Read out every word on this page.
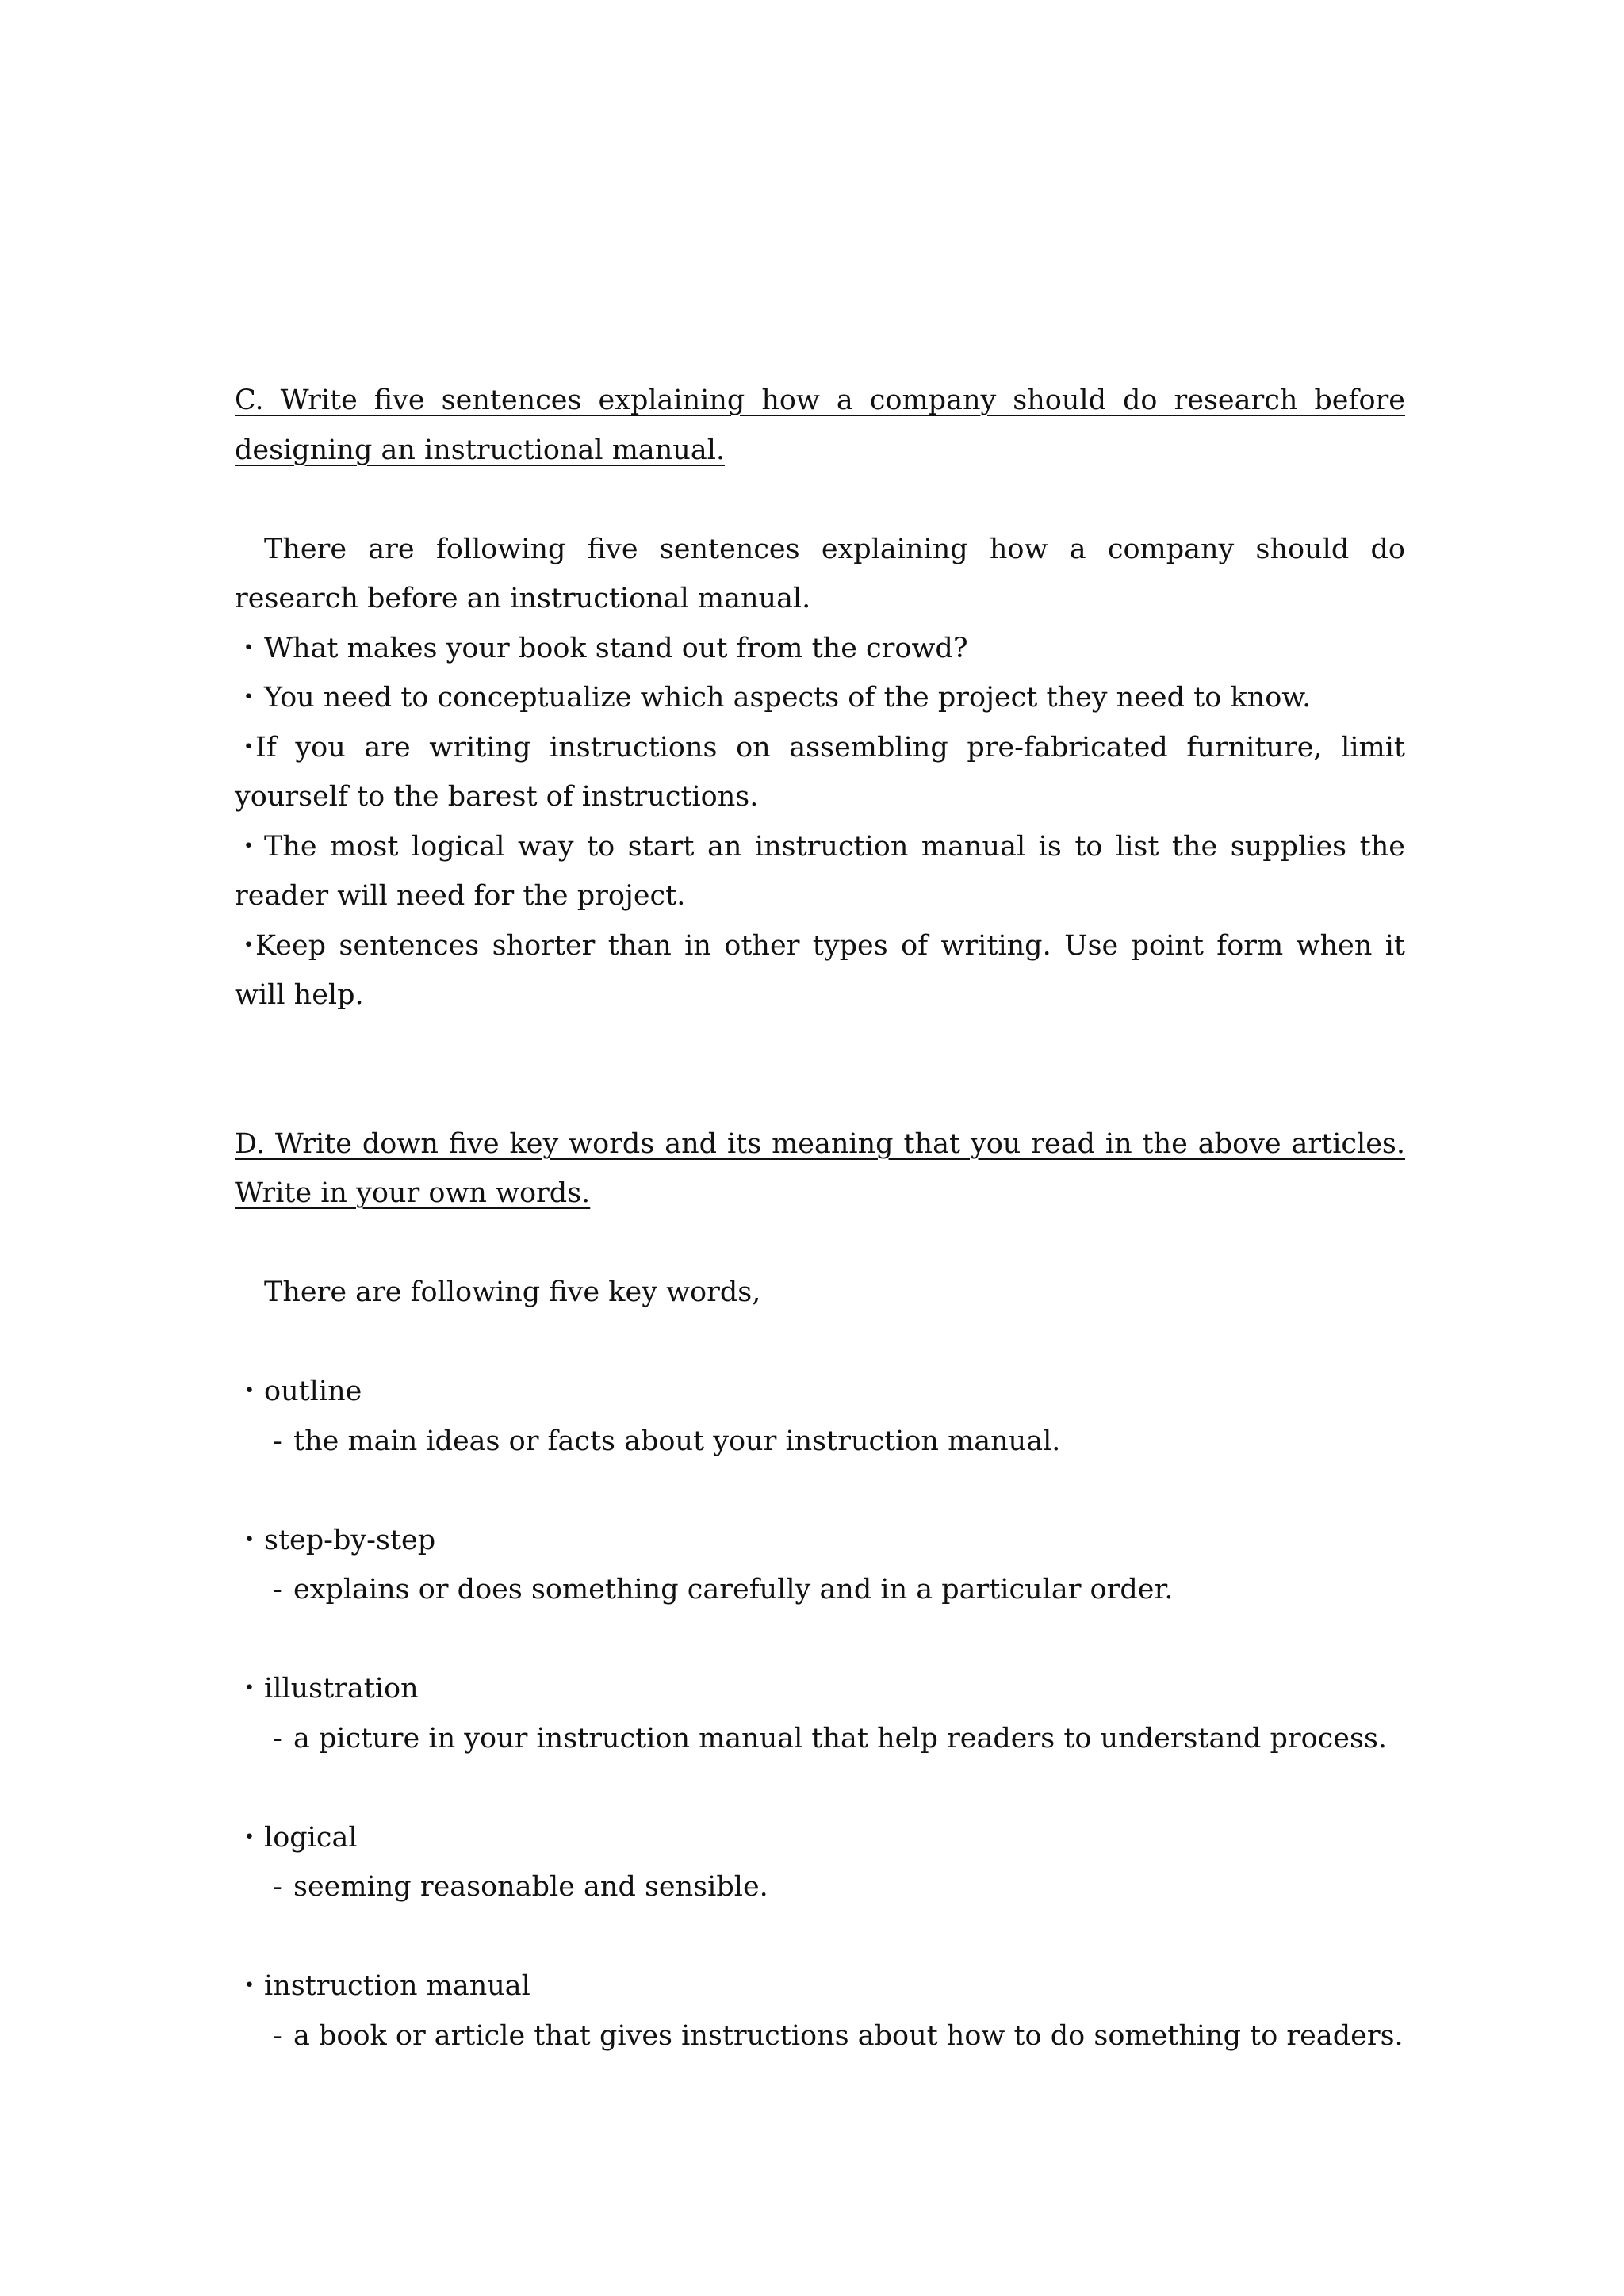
C. Write five sentences explaining how a company should do research before designing an instructional manual.

There are following five sentences explaining how a company should do research before an instructional manual.

・What makes your book stand out from the crowd?
・You need to conceptualize which aspects of the project they need to know.
・If you are writing instructions on assembling pre-fabricated furniture, limit yourself to the barest of instructions.
・The most logical way to start an instruction manual is to list the supplies the reader will need for the project.
・Keep sentences shorter than in other types of writing. Use point form when it will help.

D. Write down five key words and its meaning that you read in the above articles. Write in your own words.

There are following five key words,

・outline

- the main ideas or facts about your instruction manual.

・step-by-step

- explains or does something carefully and in a particular order.

・illustration

- a picture in your instruction manual that help readers to understand process.

・logical

- seeming reasonable and sensible.

・instruction manual

- a book or article that gives instructions about how to do something to readers.
